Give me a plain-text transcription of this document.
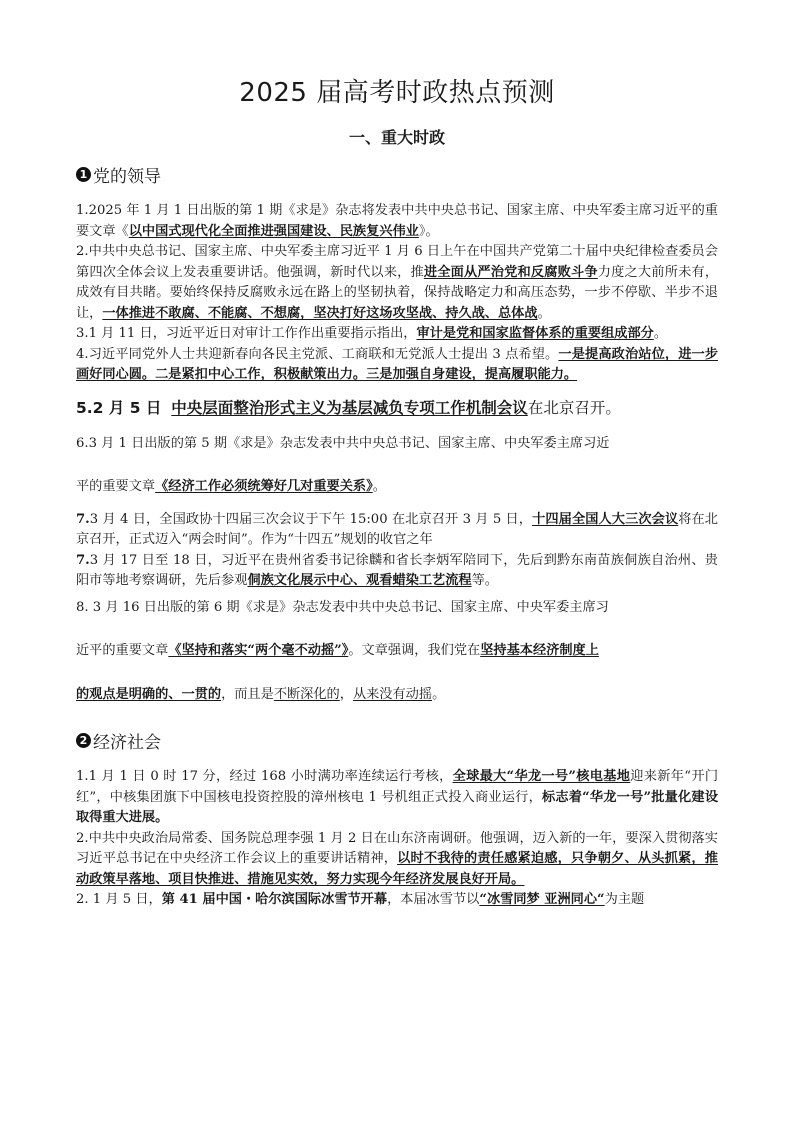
2025 届高考时政热点预测
一、重大时政
1 党的领导

1.2025 年 1 月 1 日出版的第 1 期《求是》杂志将发表中共中央总书记、国家主席、中央军委主席习近平的重要文章《以中国式现代化全面推进强国建设、民族复兴伟业》。

2.中共中央总书记、国家主席、中央军委主席习近平 1 月 6 日上午在中国共产党第二十届中央纪律检查委员会第四次全体会议上发表重要讲话。他强调，新时代以来，推进全面从严治党和反腐败斗争力度之大前所未有，成效有目共睹。要始终保持反腐败永远在路上的坚韧执着，保持战略定力和高压态势，一步不停歇、半步不退让，一体推进不敢腐、不能腐、不想腐，坚决打好这场攻坚战、持久战、总体战。

3.1 月 11 日，习近平近日对审计工作作出重要指示指出，审计是党和国家监督体系的重要组成部分。

4.习近平同党外人士共迎新春向各民主党派、工商联和无党派人士提出 3 点希望。一是提高政治站位，进一步画好同心圆。二是紧扣中心工作，积极献策出力。三是加强自身建设，提高履职能力。

5.2 月 5 日 中央层面整治形式主义为基层减负专项工作机制会议在北京召开。

6.3 月 1 日出版的第 5 期《求是》杂志发表中共中央总书记、国家主席、中央军委主席习近

平的重要文章《经济工作必须统筹好几对重要关系》。

7.3 月 4 日，全国政协十四届三次会议于下午 15:00 在北京召开 3 月 5 日，十四届全国人大三次会议将在北京召开，正式迈入“两会时间”。作为“十四五”规划的收官之年

7.3 月 17 日至 18 日，习近平在贵州省委书记徐麟和省长李炳军陪同下，先后到黔东南苗族侗族自治州、贵阳市等地考察调研，先后参观侗族文化展示中心、观看蜡染工艺流程等。

8. 3 月 16 日出版的第 6 期《求是》杂志发表中共中央总书记、国家主席、中央军委主席习

近平的重要文章《坚持和落实“两个毫不动摇”》。文章强调，我们党在坚持基本经济制度上

的观点是明确的、一贯的，而且是不断深化的，从来没有动摇。

2 经济社会

1.1 月 1 日 0 时 17 分，经过 168 小时满功率连续运行考核，全球最大“华龙一号”核电基地迎来新年“开门红”，中核集团旗下中国核电投资控股的漳州核电 1 号机组正式投入商业运行，标志着“华龙一号”批量化建设取得重大进展。

2.中共中央政治局常委、国务院总理李强 1 月 2 日在山东济南调研。他强调，迈入新的一年，要深入贯彻落实习近平总书记在中央经济工作会议上的重要讲话精神，以时不我待的责任感紧迫感，只争朝夕、从头抓紧，推动政策早落地、项目快推进、措施见实效，努力实现今年经济发展良好开局。

2. 1 月 5 日，第 41 届中国・哈尔滨国际冰雪节开幕，本届冰雪节以“冰雪同梦 亚洲同心“为主题
